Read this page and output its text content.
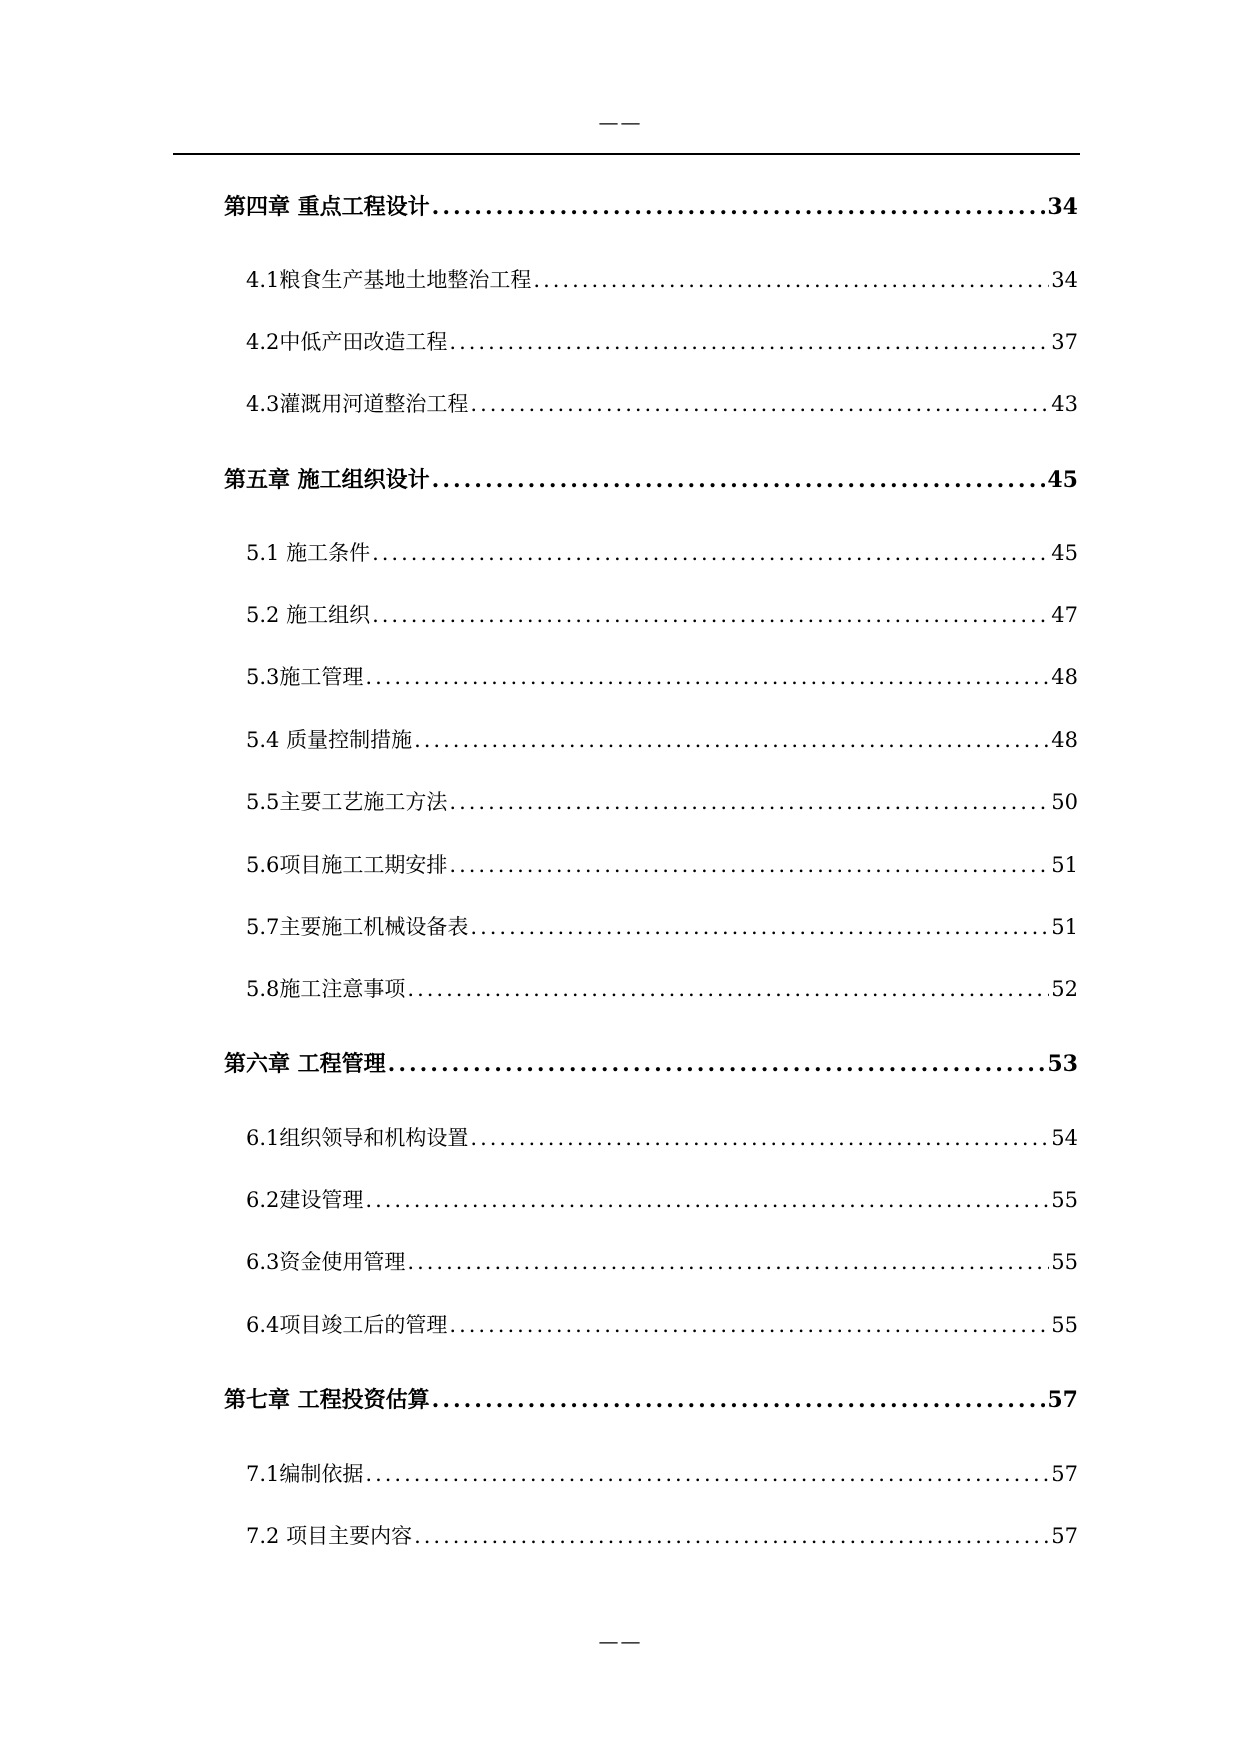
——
第四章 重点工程设计 .....	34
4.1粮食生产基地土地整治工程 .....	34
4.2中低产田改造工程 .....	37
4.3灌溉用河道整治工程 .....	43
第五章 施工组织设计 .....	45
5.1 施工条件 .....	45
5.2 施工组织 .....	47
5.3施工管理 .....	48
5.4 质量控制措施 .....	48
5.5主要工艺施工方法 .....	50
5.6项目施工工期安排 .....	51
5.7主要施工机械设备表 .....	51
5.8施工注意事项 .....	52
第六章 工程管理 .....	53
6.1组织领导和机构设置 .....	54
6.2建设管理 .....	55
6.3资金使用管理 .....	55
6.4项目竣工后的管理 .....	55
第七章 工程投资估算 .....	57
7.1编制依据 .....	57
7.2 项目主要内容 .....	57
——
